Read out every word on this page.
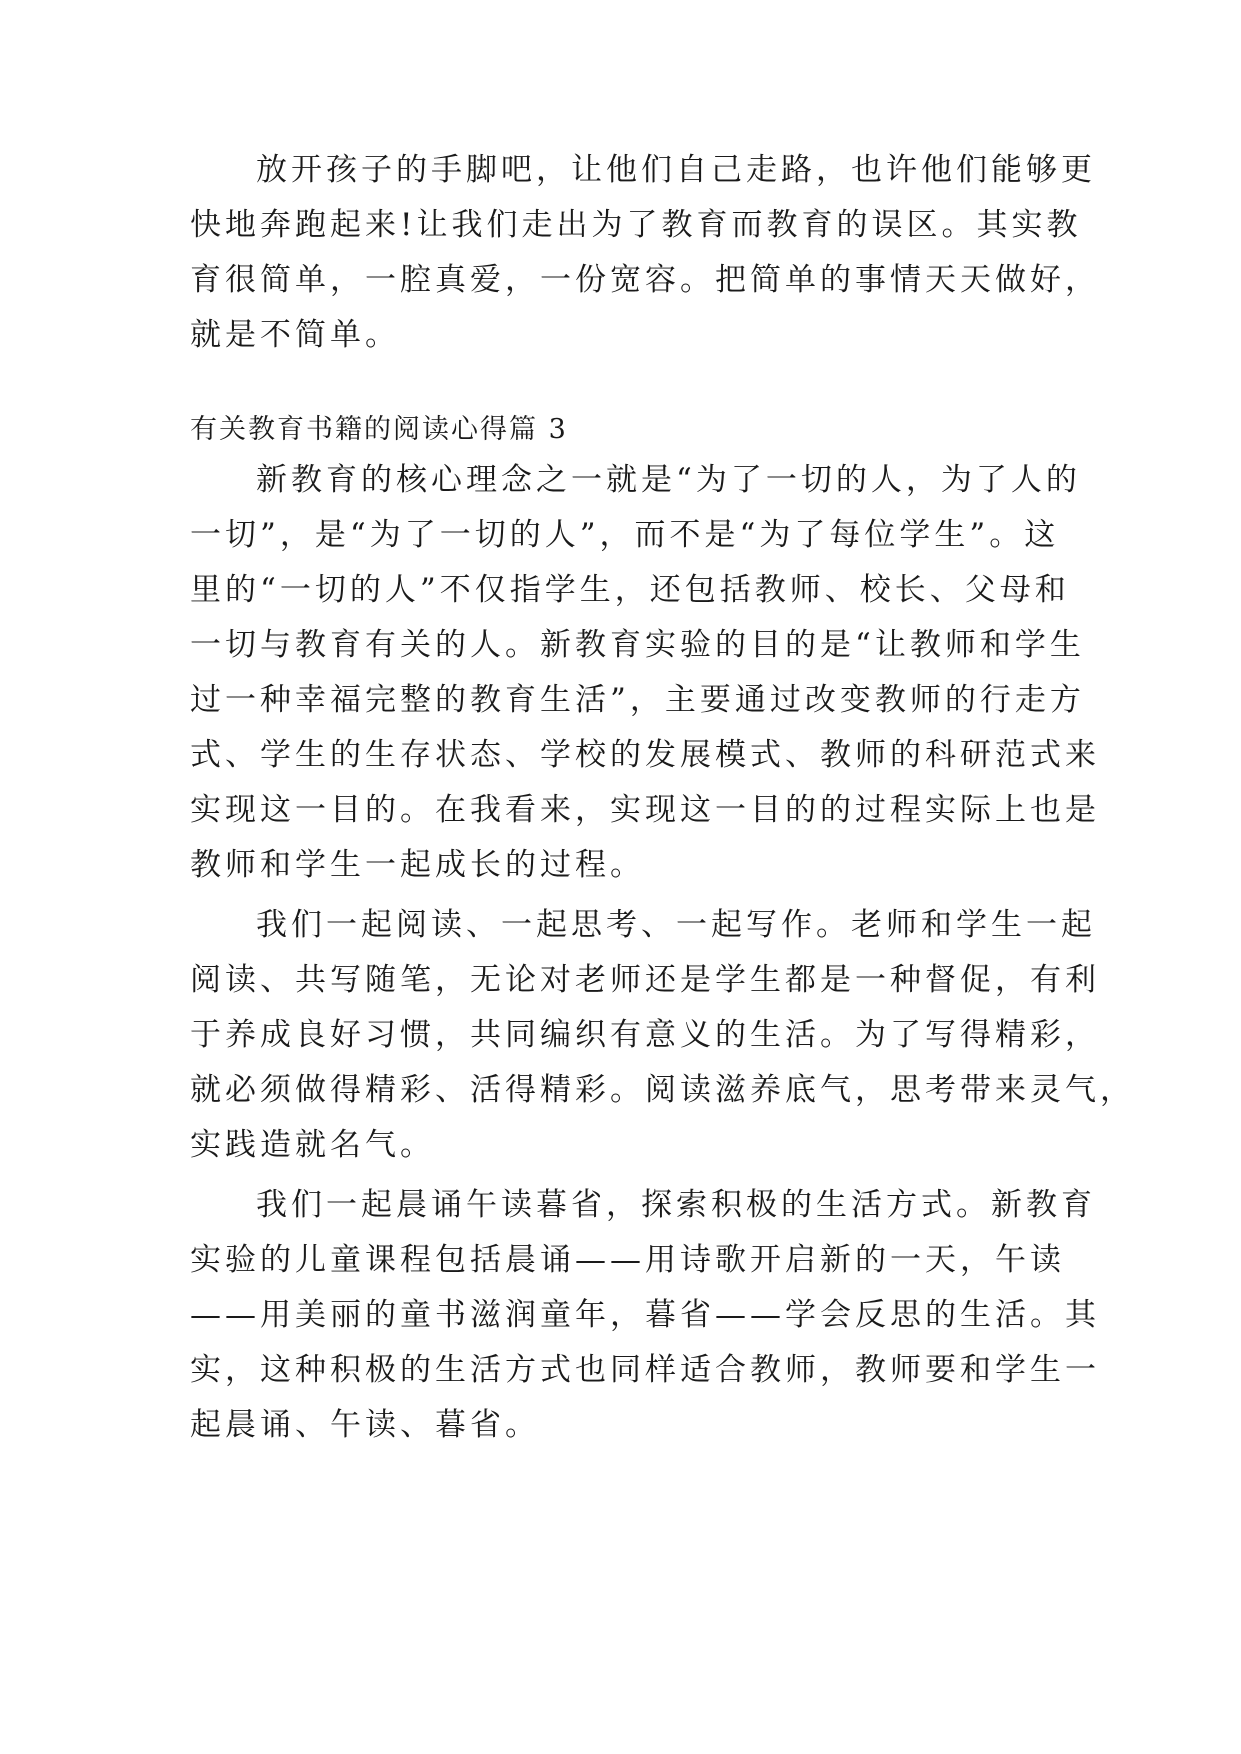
放开孩子的手脚吧，让他们自己走路，也许他们能够更

快地奔跑起来!让我们走出为了教育而教育的误区。其实教

育很简单，一腔真爱，一份宽容。把简单的事情天天做好，

就是不简单。

有关教育书籍的阅读心得篇 3

新教育的核心理念之一就是“为了一切的人，为了人的

一切”，是“为了一切的人”，而不是“为了每位学生”。这

里的“一切的人”不仅指学生，还包括教师、校长、父母和

一切与教育有关的人。新教育实验的目的是“让教师和学生

过一种幸福完整的教育生活”，主要通过改变教师的行走方

式、学生的生存状态、学校的发展模式、教师的科研范式来

实现这一目的。在我看来，实现这一目的的过程实际上也是

教师和学生一起成长的过程。

我们一起阅读、一起思考、一起写作。老师和学生一起

阅读、共写随笔，无论对老师还是学生都是一种督促，有利

于养成良好习惯，共同编织有意义的生活。为了写得精彩，

就必须做得精彩、活得精彩。阅读滋养底气，思考带来灵气，

实践造就名气。

我们一起晨诵午读暮省，探索积极的生活方式。新教育

实验的儿童课程包括晨诵——用诗歌开启新的一天，午读

——用美丽的童书滋润童年，暮省——学会反思的生活。其

实，这种积极的生活方式也同样适合教师，教师要和学生一

起晨诵、午读、暮省。
